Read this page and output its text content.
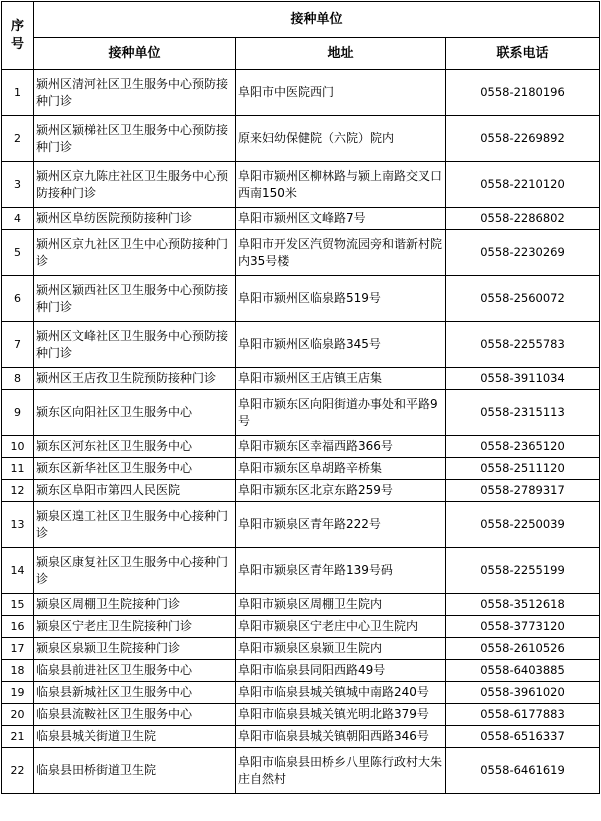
序
号	接种单位		
	接种单位	地址	联系电话
1	颍州区清河社区卫生服务中心预防接种门诊	阜阳市中医院西门	0558-2180196
2	颍州区颍梯社区卫生服务中心预防接种门诊	原来妇幼保健院（六院）院内	0558-2269892
3	颍州区京九陈庄社区卫生服务中心预防接种门诊	阜阳市颍州区柳林路与颍上南路交叉口西南150米	0558-2210120
4	颍州区阜纺医院预防接种门诊	阜阳市颍州区文峰路7号	0558-2286802
5	颍州区京九社区卫生中心预防接种门诊	阜阳市开发区汽贸物流园旁和谐新村院内35号楼	0558-2230269
6	颍州区颍西社区卫生服务中心预防接种门诊	阜阳市颍州区临泉路519号	0558-2560072
7	颍州区文峰社区卫生服务中心预防接种门诊	阜阳市颍州区临泉路345号	0558-2255783
8	颍州区王店孜卫生院预防接种门诊	阜阳市颍州区王店镇王店集	0558-3911034
9	颍东区向阳社区卫生服务中心	阜阳市颍东区向阳街道办事处和平路9号	0558-2315113
10	颍东区河东社区卫生服务中心	阜阳市颍东区幸福西路366号	0558-2365120
11	颍东区新华社区卫生服务中心	阜阳市颍东区阜胡路辛桥集	0558-2511120
12	颍东区阜阳市第四人民医院	阜阳市颍东区北京东路259号	0558-2789317
13	颍泉区遑工社区卫生服务中心接种门诊	阜阳市颍泉区青年路222号	0558-2250039
14	颍泉区康复社区卫生服务中心接种门诊	阜阳市颍泉区青年路139号码	0558-2255199
15	颍泉区周棚卫生院接种门诊	阜阳市颍泉区周棚卫生院内	0558-3512618
16	颍泉区宁老庄卫生院接种门诊	阜阳市颍泉区宁老庄中心卫生院内	0558-3773120
17	颍泉区泉颍卫生院接种门诊	阜阳市颍泉区泉颍卫生院内	0558-2610526
18	临泉县前进社区卫生服务中心	阜阳市临泉县同阳西路49号	0558-6403885
19	临泉县新城社区卫生服务中心	阜阳市临泉县城关镇城中南路240号	0558-3961020
20	临泉县流鞍社区卫生服务中心	阜阳市临泉县城关镇光明北路379号	0558-6177883
21	临泉县城关街道卫生院	阜阳市临泉县城关镇朝阳西路346号	0558-6516337
22	临泉县田桥街道卫生院	阜阳市临泉县田桥乡八里陈行政村大朱庄自然村	0558-6461619
